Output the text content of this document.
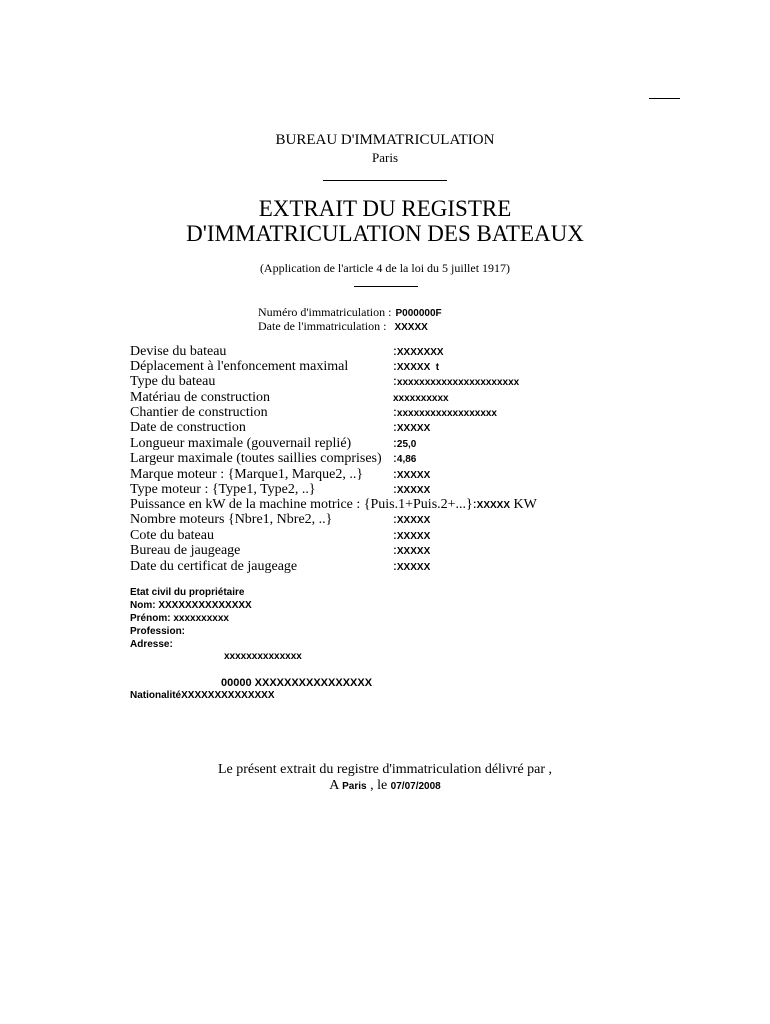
BUREAU D'IMMATRICULATION
Paris
EXTRAIT DU REGISTRE
D'IMMATRICULATION DES BATEAUX
(Application de l'article 4 de la loi du 5 juillet 1917)
Numéro d'immatriculation : P000000F
Date de l'immatriculation : XXXXX
Devise du bateau	:XXXXXXX
Déplacement à l'enfoncement maximal	:XXXXX  t
Type du bateau	:xxxxxxxxxxxxxxxxxxxxxx
Matériau de construction	xxxxxxxxxx
Chantier de construction	:xxxxxxxxxxxxxxxxxx
Date de construction	:XXXXX
Longueur maximale (gouvernail replié)	:25,0
Largeur maximale (toutes saillies comprises) :4,86
Marque moteur : {Marque1, Marque2, ..} :XXXXX
Type moteur : {Type1, Type2, ..}	:XXXXX
Puissance en kW de la machine motrice : {Puis.1+Puis.2+...}:XXXXX KW
Nombre moteurs {Nbre1, Nbre2, ..}	:XXXXX
Cote du bateau	:XXXXX
Bureau de jaugeage	:XXXXX
Date du certificat de jaugeage	:XXXXX
Etat civil du propriétaire
Nom: XXXXXXXXXXXXXX
Prénom: xxxxxxxxxx
Profession:
Adresse:
xxxxxxxxxxxxxx
00000 XXXXXXXXXXXXXXXX
NationalitéXXXXXXXXXXXXXX
Le présent extrait du registre d'immatriculation délivré par ,
A Paris , le 07/07/2008
